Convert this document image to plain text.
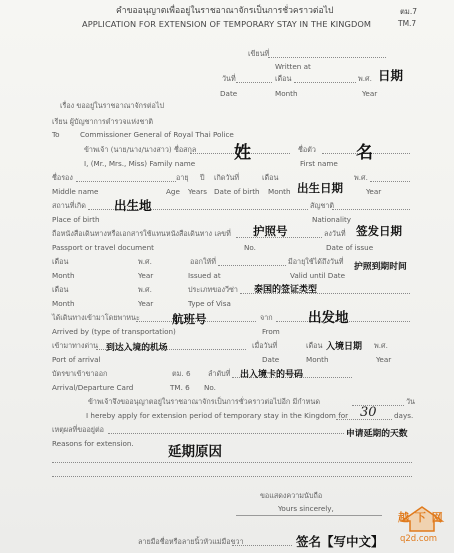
คำขออนุญาตเพื่ออยู่ในราชอาณาจักรเป็นการชั่วคราวต่อไป
APPLICATION FOR EXTENSION OF TEMPORARY STAY IN THE KINGDOM
ตม.7
TM.7
เขียนที่
Written at
วันที่	เดือน	พ.ศ. 日期
Date	Month	Year
เรื่อง ขออยู่ในราชอาณาจักรต่อไป
เรียน ผู้บัญชาการตำรวจแห่งชาติ
To	Commissioner General of Royal Thai Police
ข้าพเจ้า (นาย/นาง/นางสาว) ชื่อสกุล 姓	ชื่อตัว 名
I, (Mr., Mrs., Miss) Family name	First name
ชื่อรอง	อายุ ปี เกิดวันที่	เดือน	พ.ศ.
Middle name	Age Years Date of birth Month 出生日期	Year
สถานที่เกิด 出生地	สัญชาติ
Place of birth	Nationality
ถือหนังสือเดินทางหรือเอกสารใช้แทนหนังสือเดินทาง เลขที่ 护照号	ลงวันที่ 签发日期
Passport or travel document	No.	Date of issue
เดือน	พ.ศ.	ออกให้ที่	มีอายุใช้ได้ถึงวันที่
护照到期时间
Month	Year	Issued at	Valid until Date
เดือน	พ.ศ.	ประเภทของวีซ่า 泰国的签证类型
Month	Year	Type of Visa
ได้เดินทางเข้ามาโดยพาหนะ	航班号	จาก	出发地
Arrived by (type of transportation)	From
เข้ามาทางด่าน 到达入境的机场	เมื่อวันที่	เดือน 入境日期 พ.ศ.
Port of arrival	Date	Month	Year
บัตรขาเข้าขาออก	ตม. 6 ลำดับที่ 出入境卡的号码
Arrival/Departure Card	TM. 6 No.
ข้าพเจ้าจึงขออนุญาตอยู่ในราชอาณาจักรเป็นการชั่วคราวต่อไปอีก มีกำหนด	วัน
I hereby apply for extension period of temporary stay in the Kingdom for 30 days.
เหตุผลที่ขออยู่ต่อ	申请延期的天数
Reasons for extension.
延期原因
ขอแสดงความนับถือ
Yours sincerely,
ลายมือชื่อหรือลายนิ้วหัวแม่มือขวา	签名【写中文】
越 下 网
q2d.com
